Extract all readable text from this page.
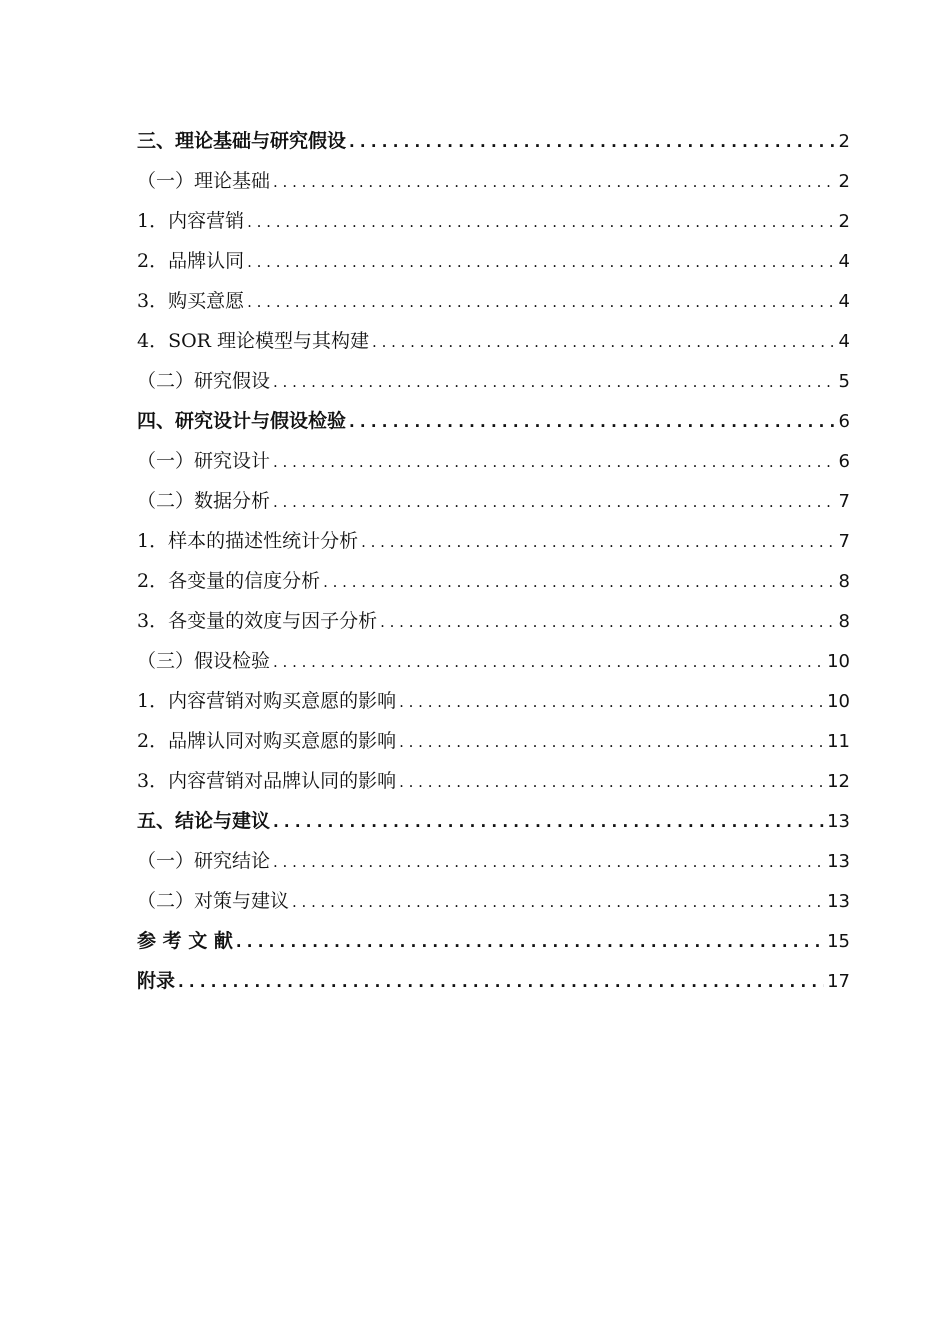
三、理论基础与研究假设 . . .	2
（一）理论基础 . . .	2
1．内容营销 . . .	2
2．品牌认同 . . .	4
3．购买意愿 . . .	4
4．SOR 理论模型与其构建 . . .	4
（二）研究假设 . . .	5
四、研究设计与假设检验 . . .	6
（一）研究设计 . . .	6
（二）数据分析 . . .	7
1．样本的描述性统计分析 . . .	7
2．各变量的信度分析 . . .	8
3．各变量的效度与因子分析 . . .	8
（三）假设检验 . . .	10
1．内容营销对购买意愿的影响 . . .	10
2．品牌认同对购买意愿的影响 . . .	11
3．内容营销对品牌认同的影响 . . .	12
五、结论与建议 . . .	13
（一）研究结论 . . .	13
（二）对策与建议 . . .	13
参 考 文 献 . . .	15
附录 . . .	17
